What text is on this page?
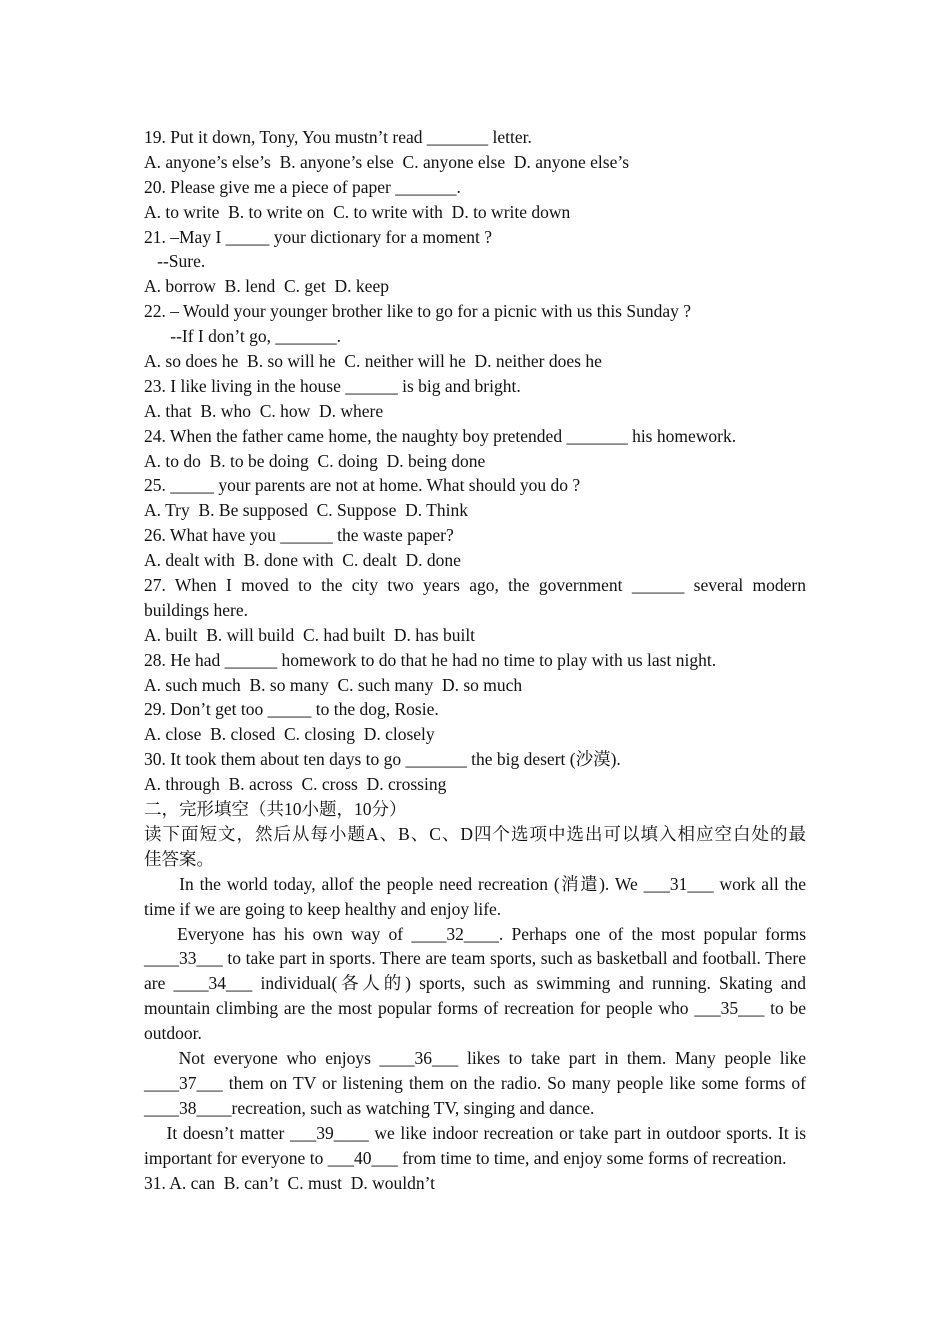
19. Put it down, Tony, You mustn’t read _______ letter.
A. anyone’s else’s  B. anyone’s else  C. anyone else  D. anyone else’s
20. Please give me a piece of paper _______.
A. to write  B. to write on  C. to write with  D. to write down
21. –May I _____ your dictionary for a moment ?
--Sure.
A. borrow  B. lend  C. get  D. keep
22. – Would your younger brother like to go for a picnic with us this Sunday ?
--If I don’t go, _______.
A. so does he  B. so will he  C. neither will he  D. neither does he
23. I like living in the house ______ is big and bright.
A. that  B. who  C. how  D. where
24. When the father came home, the naughty boy pretended _______ his homework.
A. to do  B. to be doing  C. doing  D. being done
25. _____ your parents are not at home. What should you do ?
A. Try  B. Be supposed  C. Suppose  D. Think
26. What have you ______ the waste paper?
A. dealt with  B. done with  C. dealt  D. done
27. When I moved to the city two years ago, the government ______ several modern
buildings here.
A. built  B. will build  C. had built  D. has built
28. He had ______ homework to do that he had no time to play with us last night.
A. such much  B. so many  C. such many  D. so much
29. Don’t get too _____ to the dog, Rosie.
A. close  B. closed  C. closing  D. closely
30. It took them about ten days to go _______ the big desert (沙漠).
A. through  B. across  C. cross  D. crossing
二，完形填空（共10小题，10分）
读下面短文，然后从每小题A、B、C、D四个选项中选出可以填入相应空白处的最
佳答案。
In the world today, allof the people need recreation (消遣). We ___31___ work all the time if we are going to keep healthy and enjoy life.
Everyone has his own way of ____32____. Perhaps one of the most popular forms ____33___ to take part in sports. There are team sports, such as basketball and football. There are ____34___ individual(各人的) sports, such as swimming and running. Skating and mountain climbing are the most popular forms of recreation for people who ___35___ to be outdoor.
Not everyone who enjoys ____36___ likes to take part in them. Many people like ____37___ them on TV or listening them on the radio. So many people like some forms of ____38____recreation, such as watching TV, singing and dance.
It doesn’t matter ___39____ we like indoor recreation or take part in outdoor sports. It is important for everyone to ___40___ from time to time, and enjoy some forms of recreation.
31. A. can  B. can’t  C. must  D. wouldn’t
